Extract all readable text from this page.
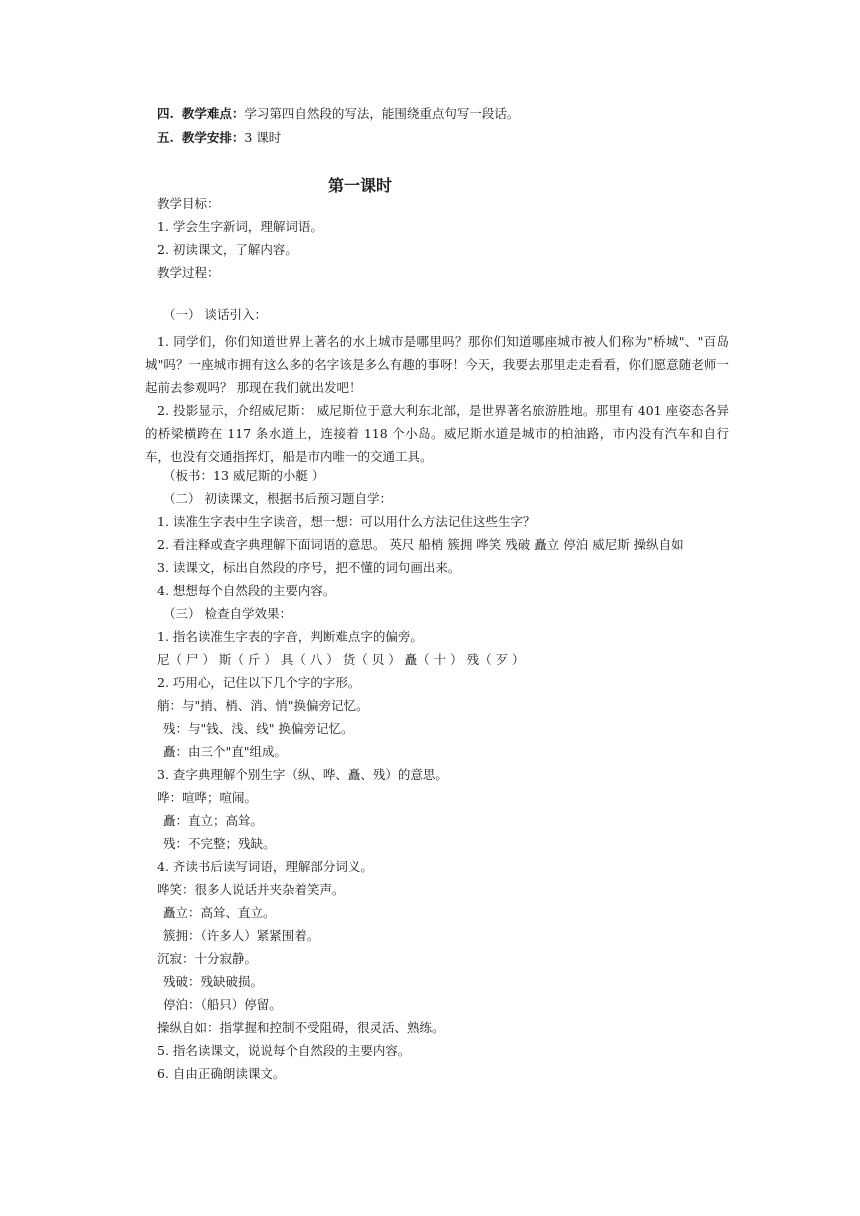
四. 教学难点：学习第四自然段的写法，能围绕重点句写一段话。
五. 教学安排：3 课时
第一课时
教学目标：
1. 学会生字新词，理解词语。
2. 初读课文，了解内容。
教学过程：
（一） 谈话引入：
1. 同学们，你们知道世界上著名的水上城市是哪里吗？那你们知道哪座城市被人们称为"桥城"、"百岛城"吗？一座城市拥有这么多的名字该是多么有趣的事呀！今天，我要去那里走走看看，你们愿意随老师一起前去参观吗？ 那现在我们就出发吧！
2. 投影显示，介绍威尼斯： 威尼斯位于意大利东北部，是世界著名旅游胜地。那里有 401 座姿态各异的桥梁横跨在 117 条水道上，连接着 118 个小岛。威尼斯水道是城市的柏油路，市内没有汽车和自行车，也没有交通指挥灯，船是市内唯一的交通工具。
（板书：13 威尼斯的小艇 ）
（二） 初读课文，根据书后预习题自学：
1. 读准生字表中生字读音，想一想：可以用什么方法记住这些生字？
2. 看注释或查字典理解下面词语的意思。 英尺 船梢 簇拥 哗笑 残破 矗立 停泊 威尼斯 操纵自如
3. 读课文，标出自然段的序号，把不懂的词句画出来。
4. 想想每个自然段的主要内容。
（三） 检查自学效果：
1. 指名读准生字表的字音，判断难点字的偏旁。
尼（ 尸 ） 斯（ 斤 ） 具（ 八 ） 货（ 贝 ） 矗（ 十 ） 残（ 歹 ）
2. 巧用心，记住以下几个字的字形。
艄：与"捎、梢、消、悄"换偏旁记忆。
残：与"钱、浅、线" 换偏旁记忆。
矗：由三个"直"组成。
3. 查字典理解个别生字（纵、哗、矗、残）的意思。
哗：喧哗；喧闹。
矗：直立；高耸。
残：不完整；残缺。
4. 齐读书后读写词语，理解部分词义。
哗笑：很多人说话并夹杂着笑声。
矗立：高耸、直立。
簇拥：（许多人）紧紧围着。
沉寂：十分寂静。
残破：残缺破损。
停泊：（船只）停留。
操纵自如：指掌握和控制不受阻碍，很灵活、熟练。
5. 指名读课文，说说每个自然段的主要内容。
6. 自由正确朗读课文。
